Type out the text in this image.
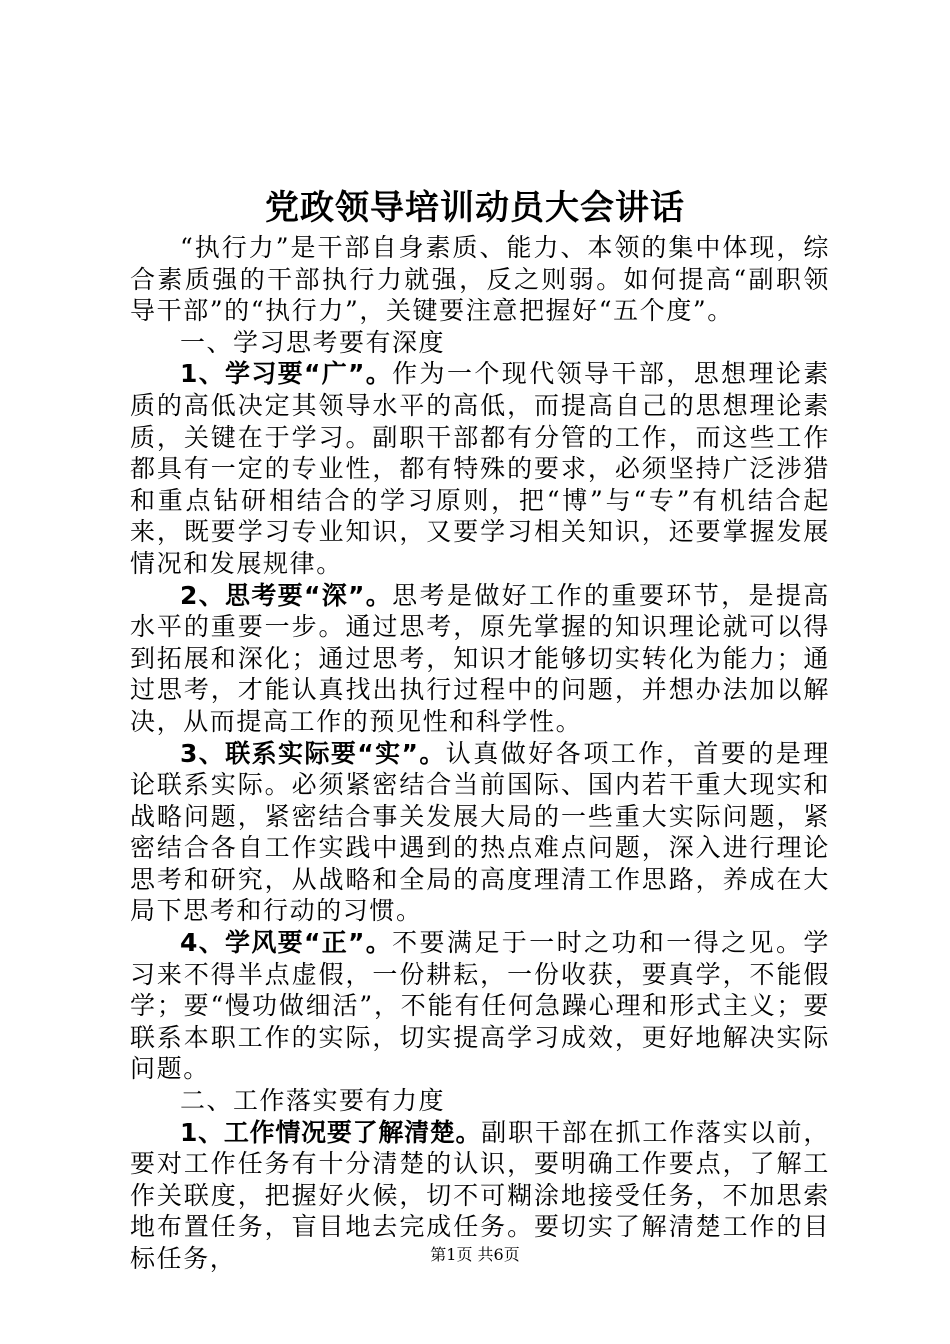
党政领导培训动员大会讲话

“执行力”是干部自身素质、能力、本领的集中体现，综合素质强的干部执行力就强，反之则弱。如何提高“副职领导干部”的“执行力”，关键要注意把握好“五个度”。

一、学习思考要有深度

1、学习要“广”。作为一个现代领导干部，思想理论素质的高低决定其领导水平的高低，而提高自己的思想理论素质，关键在于学习。副职干部都有分管的工作，而这些工作都具有一定的专业性，都有特殊的要求，必须坚持广泛涉猎和重点钻研相结合的学习原则，把“博”与“专”有机结合起来，既要学习专业知识，又要学习相关知识，还要掌握发展情况和发展规律。

2、思考要“深”。思考是做好工作的重要环节，是提高水平的重要一步。通过思考，原先掌握的知识理论就可以得到拓展和深化；通过思考，知识才能够切实转化为能力；通过思考，才能认真找出执行过程中的问题，并想办法加以解决，从而提高工作的预见性和科学性。

3、联系实际要“实”。认真做好各项工作，首要的是理论联系实际。必须紧密结合当前国际、国内若干重大现实和战略问题，紧密结合事关发展大局的一些重大实际问题，紧密结合各自工作实践中遇到的热点难点问题，深入进行理论思考和研究，从战略和全局的高度理清工作思路，养成在大局下思考和行动的习惯。

4、学风要“正”。不要满足于一时之功和一得之见。学习来不得半点虚假，一份耕耘，一份收获，要真学，不能假学；要“慢功做细活”，不能有任何急躁心理和形式主义；要联系本职工作的实际，切实提高学习成效，更好地解决实际问题。

二、工作落实要有力度

1、工作情况要了解清楚。副职干部在抓工作落实以前，要对工作任务有十分清楚的认识，要明确工作要点，了解工作关联度，把握好火候，切不可糊涂地接受任务，不加思索地布置任务，盲目地去完成任务。要切实了解清楚工作的目标任务，	第1页 共6页
